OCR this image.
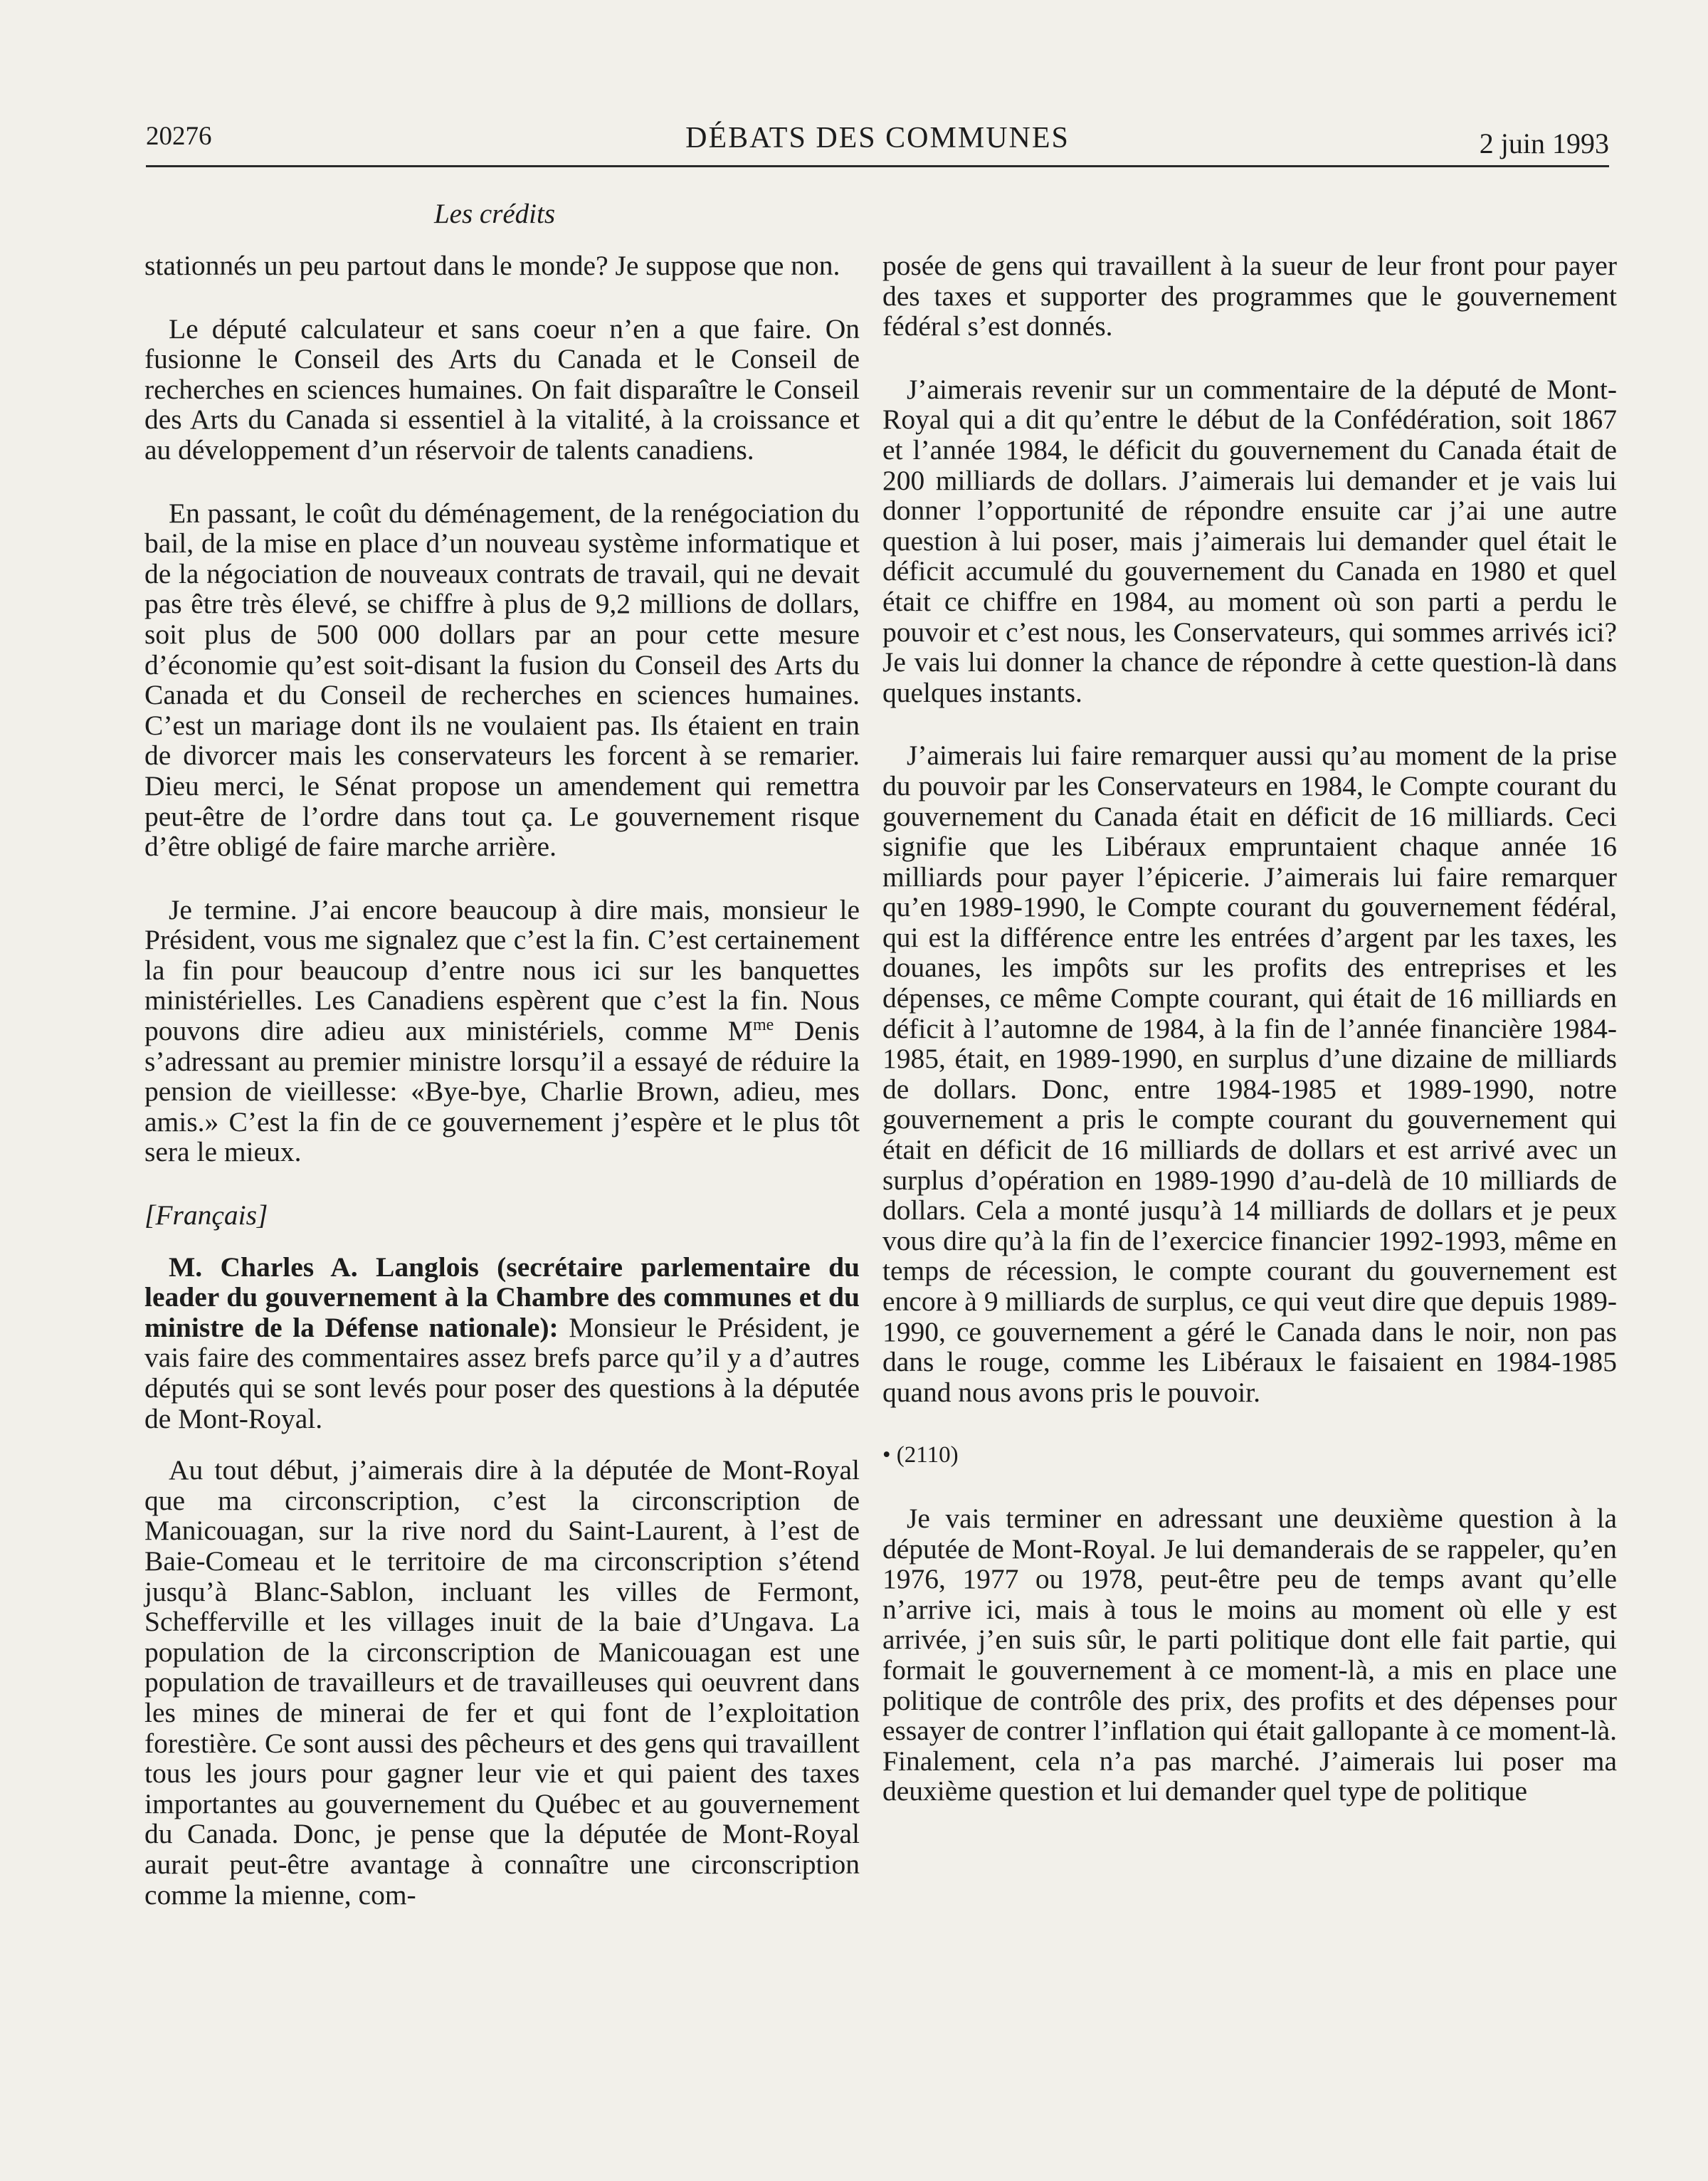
20276	DÉBATS DES COMMUNES	2 juin 1993
Les crédits

stationnés un peu partout dans le monde? Je suppose que non.

Le député calculateur et sans coeur n’en a que faire. On fusionne le Conseil des Arts du Canada et le Conseil de recherches en sciences humaines. On fait disparaître le Conseil des Arts du Canada si essentiel à la vitalité, à la croissance et au développement d’un réservoir de talents canadiens.

En passant, le coût du déménagement, de la renégociation du bail, de la mise en place d’un nouveau système informatique et de la négociation de nouveaux contrats de travail, qui ne devait pas être très élevé, se chiffre à plus de 9,2 millions de dollars, soit plus de 500 000 dollars par an pour cette mesure d’économie qu’est soit-disant la fusion du Conseil des Arts du Canada et du Conseil de recherches en sciences humaines. C’est un mariage dont ils ne voulaient pas. Ils étaient en train de divorcer mais les conservateurs les forcent à se remarier. Dieu merci, le Sénat propose un amendement qui remettra peut-être de l’ordre dans tout ça. Le gouvernement risque d’être obligé de faire marche arrière.

Je termine. J’ai encore beaucoup à dire mais, monsieur le Président, vous me signalez que c’est la fin. C’est certainement la fin pour beaucoup d’entre nous ici sur les banquettes ministérielles. Les Canadiens espèrent que c’est la fin. Nous pouvons dire adieu aux ministériels, comme $M^{me}$ Denis s’adressant au premier ministre lorsqu’il a essayé de réduire la pension de vieillesse: «Bye-bye, Charlie Brown, adieu, mes amis.» C’est la fin de ce gouvernement j’espère et le plus tôt sera le mieux.

[Français]

M. Charles A. Langlois (secrétaire parlementaire du leader du gouvernement à la Chambre des communes et du ministre de la Défense nationale): Monsieur le Président, je vais faire des commentaires assez brefs parce qu’il y a d’autres députés qui se sont levés pour poser des questions à la députée de Mont-Royal.

Au tout début, j’aimerais dire à la députée de Mont-Royal que ma circonscription, c’est la circonscription de Manicouagan, sur la rive nord du Saint-Laurent, à l’est de Baie-Comeau et le territoire de ma circonscription s’étend jusqu’à Blanc-Sablon, incluant les villes de Fermont, Schefferville et les villages inuit de la baie d’Ungava. La population de la circonscription de Manicouagan est une population de travailleurs et de travailleuses qui oeuvrent dans les mines de minerai de fer et qui font de l’exploitation forestière. Ce sont aussi des pêcheurs et des gens qui travaillent tous les jours pour gagner leur vie et qui paient des taxes importantes au gouvernement du Québec et au gouvernement du Canada. Donc, je pense que la députée de Mont-Royal aurait peut-être avantage à connaître une circonscription comme la mienne, com-

posée de gens qui travaillent à la sueur de leur front pour payer des taxes et supporter des programmes que le gouvernement fédéral s’est donnés.

J’aimerais revenir sur un commentaire de la député de Mont-Royal qui a dit qu’entre le début de la Confédération, soit 1867 et l’année 1984, le déficit du gouvernement du Canada était de 200 milliards de dollars. J’aimerais lui demander et je vais lui donner l’opportunité de répondre ensuite car j’ai une autre question à lui poser, mais j’aimerais lui demander quel était le déficit accumulé du gouvernement du Canada en 1980 et quel était ce chiffre en 1984, au moment où son parti a perdu le pouvoir et c’est nous, les Conservateurs, qui sommes arrivés ici? Je vais lui donner la chance de répondre à cette question-là dans quelques instants.

J’aimerais lui faire remarquer aussi qu’au moment de la prise du pouvoir par les Conservateurs en 1984, le Compte courant du gouvernement du Canada était en déficit de 16 milliards. Ceci signifie que les Libéraux empruntaient chaque année 16 milliards pour payer l’épicerie. J’aimerais lui faire remarquer qu’en 1989-1990, le Compte courant du gouvernement fédéral, qui est la différence entre les entrées d’argent par les taxes, les douanes, les impôts sur les profits des entreprises et les dépenses, ce même Compte courant, qui était de 16 milliards en déficit à l’automne de 1984, à la fin de l’année financière 1984-1985, était, en 1989-1990, en surplus d’une dizaine de milliards de dollars. Donc, entre 1984-1985 et 1989-1990, notre gouvernement a pris le compte courant du gouvernement qui était en déficit de 16 milliards de dollars et est arrivé avec un surplus d’opération en 1989-1990 d’au-delà de 10 milliards de dollars. Cela a monté jusqu’à 14 milliards de dollars et je peux vous dire qu’à la fin de l’exercice financier 1992-1993, même en temps de récession, le compte courant du gouvernement est encore à 9 milliards de surplus, ce qui veut dire que depuis 1989-1990, ce gouvernement a géré le Canada dans le noir, non pas dans le rouge, comme les Libéraux le faisaient en 1984-1985 quand nous avons pris le pouvoir.

• (2110)

Je vais terminer en adressant une deuxième question à la députée de Mont-Royal. Je lui demanderais de se rappeler, qu’en 1976, 1977 ou 1978, peut-être peu de temps avant qu’elle n’arrive ici, mais à tous le moins au moment où elle y est arrivée, j’en suis sûr, le parti politique dont elle fait partie, qui formait le gouvernement à ce moment-là, a mis en place une politique de contrôle des prix, des profits et des dépenses pour essayer de contrer l’inflation qui était gallopante à ce moment-là. Finalement, cela n’a pas marché. J’aimerais lui poser ma deuxième question et lui demander quel type de politique
